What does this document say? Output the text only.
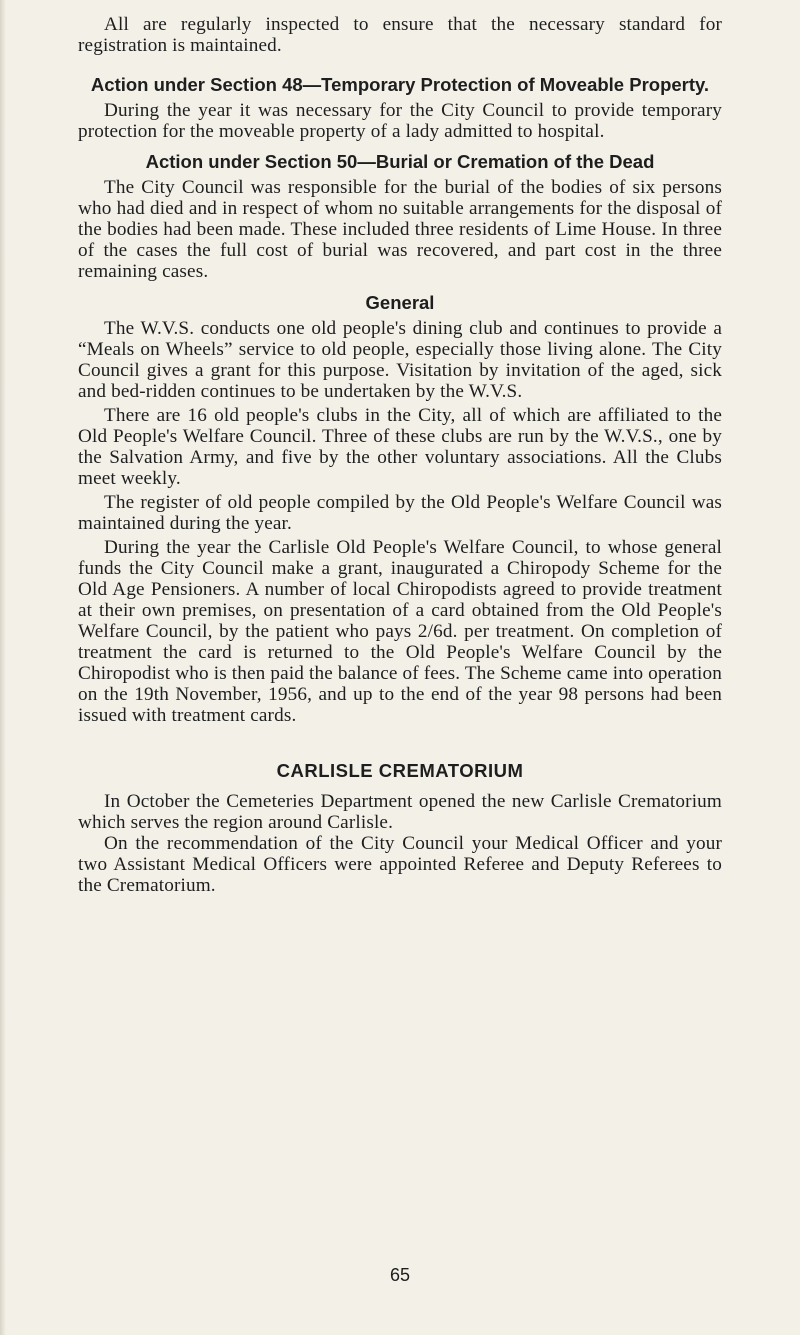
All are regularly inspected to ensure that the necessary standard for registration is maintained.

Action under Section 48—Temporary Protection of Moveable Property.

During the year it was necessary for the City Council to provide temporary protection for the moveable property of a lady admitted to hospital.

Action under Section 50—Burial or Cremation of the Dead

The City Council was responsible for the burial of the bodies of six persons who had died and in respect of whom no suitable arrangements for the disposal of the bodies had been made. These included three residents of Lime House. In three of the cases the full cost of burial was recovered, and part cost in the three remaining cases.

General

The W.V.S. conducts one old people's dining club and continues to provide a “Meals on Wheels” service to old people, especially those living alone. The City Council gives a grant for this purpose. Visitation by invitation of the aged, sick and bed-ridden continues to be undertaken by the W.V.S.

There are 16 old people's clubs in the City, all of which are affiliated to the Old People's Welfare Council. Three of these clubs are run by the W.V.S., one by the Salvation Army, and five by the other voluntary associations. All the Clubs meet weekly.

The register of old people compiled by the Old People's Welfare Council was maintained during the year.

During the year the Carlisle Old People's Welfare Council, to whose general funds the City Council make a grant, inaugurated a Chiropody Scheme for the Old Age Pensioners. A number of local Chiropodists agreed to provide treatment at their own premises, on presentation of a card obtained from the Old People's Welfare Council, by the patient who pays 2/6d. per treatment. On completion of treatment the card is returned to the Old People's Welfare Council by the Chiropodist who is then paid the balance of fees. The Scheme came into operation on the 19th November, 1956, and up to the end of the year 98 persons had been issued with treatment cards.

CARLISLE CREMATORIUM

In October the Cemeteries Department opened the new Carlisle Crematorium which serves the region around Carlisle.

On the recommendation of the City Council your Medical Officer and your two Assistant Medical Officers were appointed Referee and Deputy Referees to the Crematorium.

65
